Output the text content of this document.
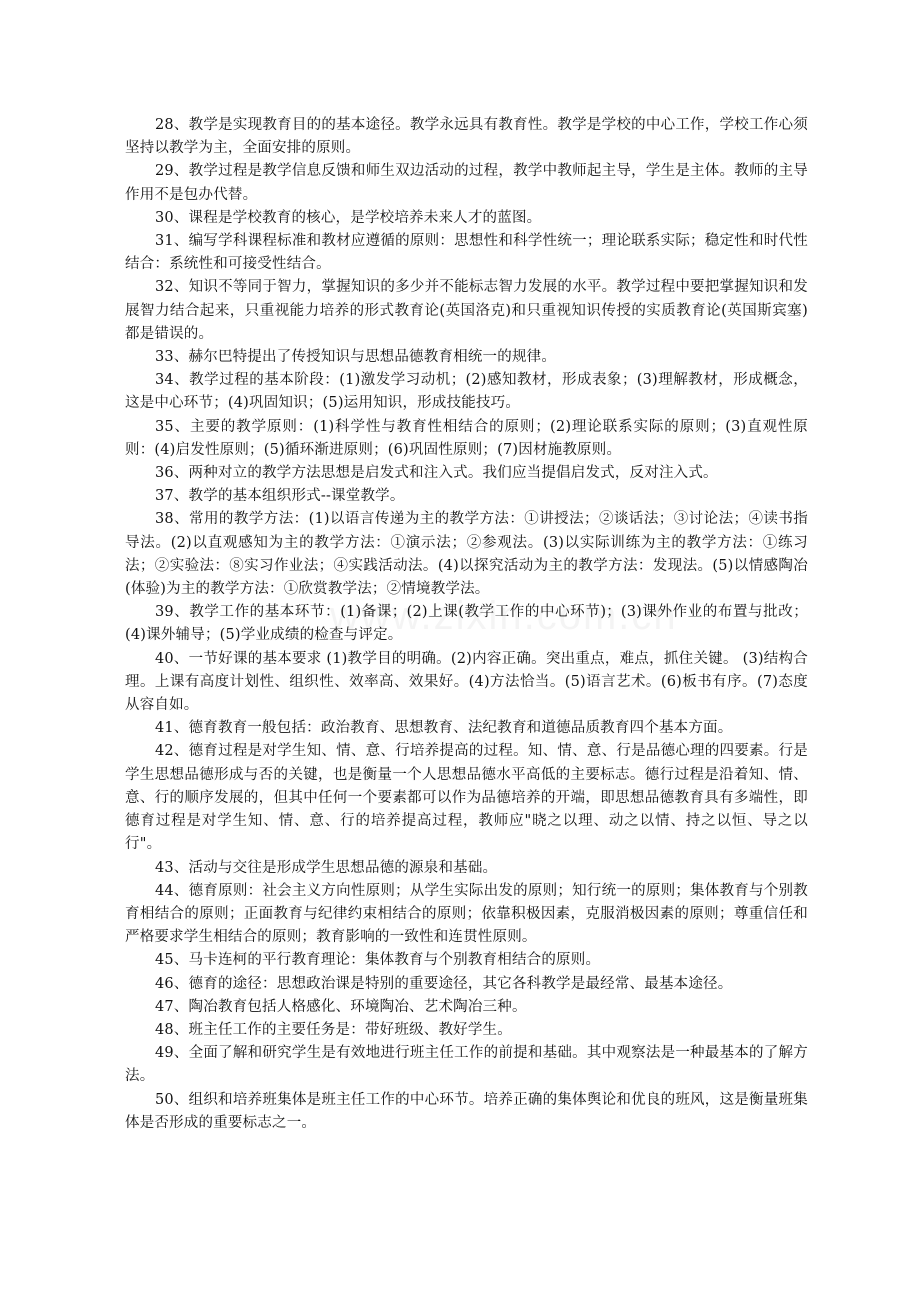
28、教学是实现教育目的的基本途径。教学永远具有教育性。教学是学校的中心工作，学校工作心须坚持以教学为主，全面安排的原则。

29、教学过程是教学信息反馈和师生双边活动的过程，教学中教师起主导，学生是主体。教师的主导作用不是包办代替。

30、课程是学校教育的核心，是学校培养未来人才的蓝图。

31、编写学科课程标准和教材应遵循的原则：思想性和科学性统一；理论联系实际；稳定性和时代性结合：系统性和可接受性结合。

32、知识不等同于智力，掌握知识的多少并不能标志智力发展的水平。教学过程中要把掌握知识和发展智力结合起来，只重视能力培养的形式教育论(英国洛克)和只重视知识传授的实质教育论(英国斯宾塞)都是错误的。

33、赫尔巴特提出了传授知识与思想品德教育相统一的规律。

34、教学过程的基本阶段：(1)激发学习动机；(2)感知教材，形成表象；(3)理解教材，形成概念，这是中心环节；(4)巩固知识；(5)运用知识，形成技能技巧。

35、主要的教学原则：(1)科学性与教育性相结合的原则；(2)理论联系实际的原则；(3)直观性原则：(4)启发性原则；(5)循环渐进原则；(6)巩固性原则；(7)因材施教原则。

36、两种对立的教学方法思想是启发式和注入式。我们应当提倡启发式，反对注入式。

37、教学的基本组织形式--课堂教学。

38、常用的教学方法：(1)以语言传递为主的教学方法：①讲授法；②谈话法；③讨论法；④读书指导法。(2)以直观感知为主的教学方法：①演示法；②参观法。(3)以实际训练为主的教学方法：①练习法；②实验法：⑧实习作业法；④实践活动法。(4)以探究活动为主的教学方法：发现法。(5)以情感陶冶(体验)为主的教学方法：①欣赏教学法；②情境教学法。

39、教学工作的基本环节：(1)备课；(2)上课(教学工作的中心环节)；(3)课外作业的布置与批改；(4)课外辅导；(5)学业成绩的检查与评定。

40、一节好课的基本要求 (1)教学目的明确。(2)内容正确。突出重点，难点，抓住关键。 (3)结构合理。上课有高度计划性、组织性、效率高、效果好。(4)方法恰当。(5)语言艺术。(6)板书有序。(7)态度从容自如。

41、德育教育一般包括：政治教育、思想教育、法纪教育和道德品质教育四个基本方面。

42、德育过程是对学生知、情、意、行培养提高的过程。知、情、意、行是品德心理的四要素。行是学生思想品德形成与否的关键，也是衡量一个人思想品德水平高低的主要标志。德行过程是沿着知、情、意、行的顺序发展的，但其中任何一个要素都可以作为品德培养的开端，即思想品德教育具有多端性，即德育过程是对学生知、情、意、行的培养提高过程，教师应"晓之以理、动之以情、持之以恒、导之以行"。

43、活动与交往是形成学生思想品德的源泉和基础。

44、德育原则：社会主义方向性原则；从学生实际出发的原则；知行统一的原则；集体教育与个别教育相结合的原则；正面教育与纪律约束相结合的原则；依靠积极因素，克服消极因素的原则；尊重信任和严格要求学生相结合的原则；教育影响的一致性和连贯性原则。

45、马卡连柯的平行教育理论：集体教育与个别教育相结合的原则。

46、德育的途径：思想政治课是特别的重要途径，其它各科教学是最经常、最基本途径。

47、陶冶教育包括人格感化、环境陶冶、艺术陶冶三种。

48、班主任工作的主要任务是：带好班级、教好学生。

49、全面了解和研究学生是有效地进行班主任工作的前提和基础。其中观察法是一种最基本的了解方法。

50、组织和培养班集体是班主任工作的中心环节。培养正确的集体舆论和优良的班风，这是衡量班集体是否形成的重要标志之一。
